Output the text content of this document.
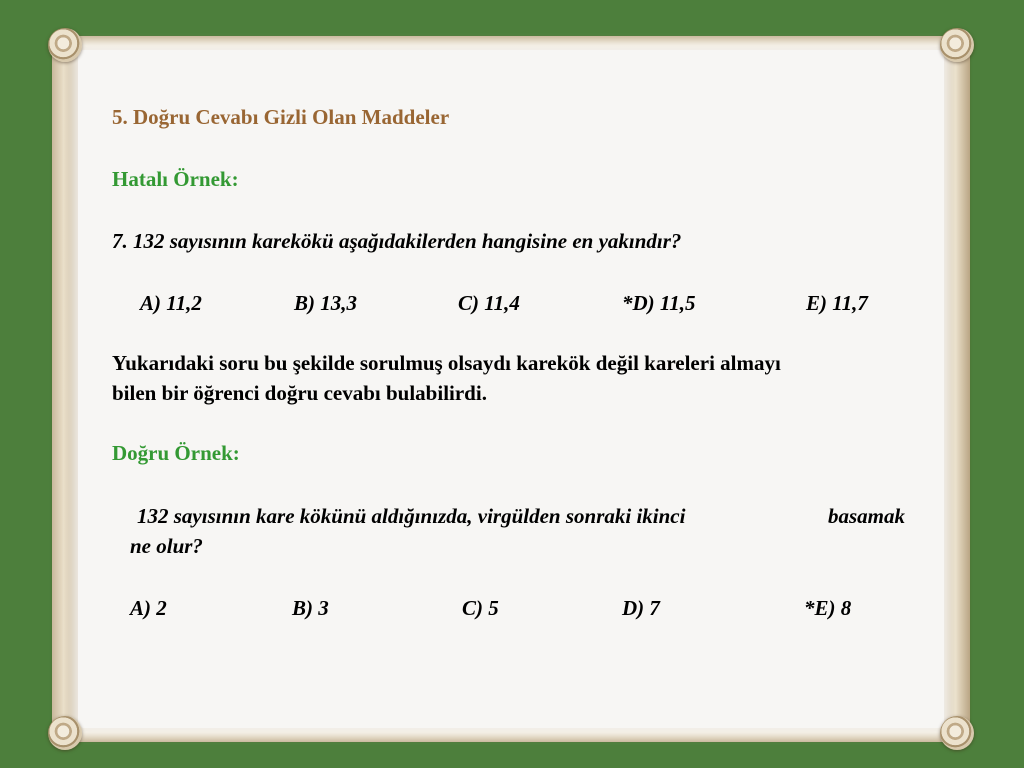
5. Doğru Cevabı Gizli Olan Maddeler
Hatalı Örnek:
7. 132 sayısının karekökü aşağıdakilerden hangisine en yakındır?
A) 11,2	B) 13,3	C) 11,4	*D) 11,5	E) 11,7
Yukarıdaki soru bu şekilde sorulmuş olsaydı karekök değil kareleri almayı
bilen bir öğrenci doğru cevabı bulabilirdi.
Doğru Örnek:
132 sayısının kare kökünü aldığınızda, virgülden sonraki ikinci	basamak
ne olur?
A) 2	B) 3	C) 5	D) 7	*E) 8
